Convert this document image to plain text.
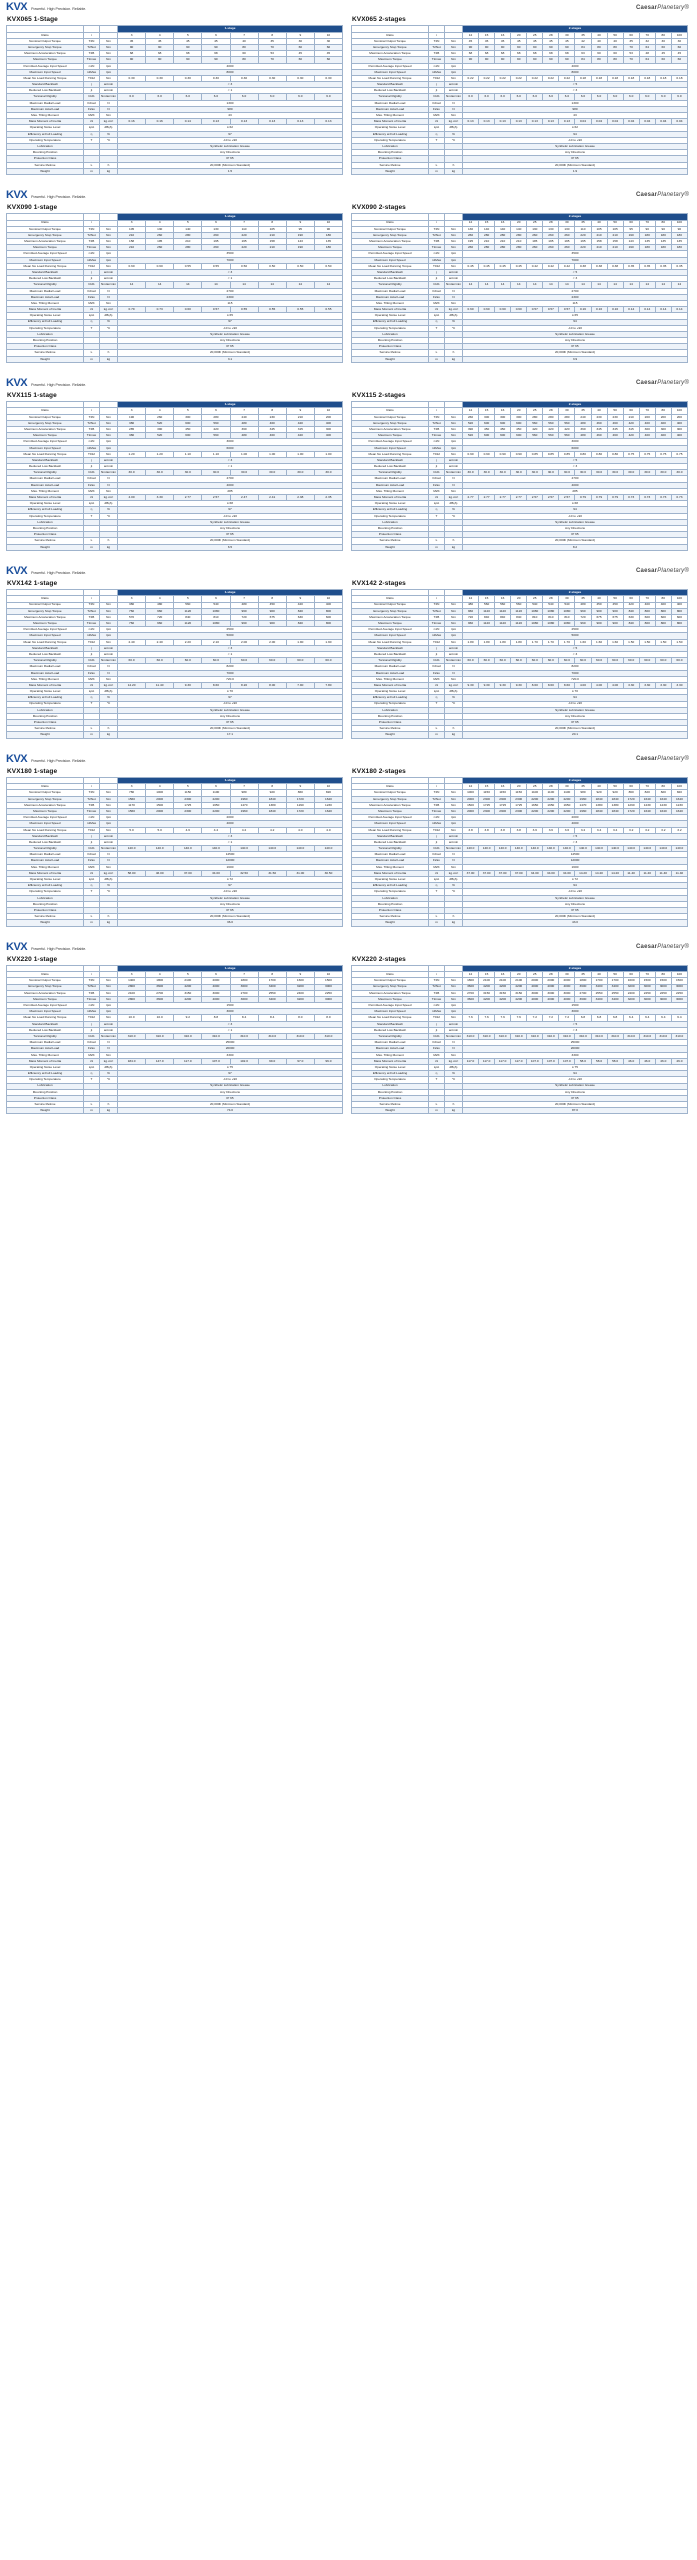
KVX Powerful. High Precision. Reliable.	CaesarPlanetary®
KVX065 1-Stage
			1-stage							
Ratio	i		3	4	5	6	7	8	9	10
Nominal Output Torque	T2N	Nm	45	45	45	45	40	35	30	30
Emergency Stop Torque	T2Not	Nm	90	90	90	90	80	70	60	60
Maximum Acceleration Torque	T2B	Nm	68	68	68	68	60	53	45	45
Maximum Torque	T2max	Nm	90	90	90	90	80	70	60	60
Permitted Average Input Speed	n1N	rpm	4000							
Maximum Input Speed	n1Max	rpm	8000							
Mean No Load Running Torque	T012	Nm	0.30	0.30	0.30	0.30	0.30	0.30	0.30	0.30
Standard Backlash	j	arcmin	< 3							
Reduced Low Backlash	jt	arcmin	< 1							
Torsional Rigidity	Ct21	Nm/arcmin	6.0	6.0	6.0	6.0	6.0	6.0	6.0	6.0
Maximum Radial Load	F2rad	N	1300							
Maximum Axial Load	F2ax	N	980							
Max. Tilting Moment	M2K	Nm	43							
Mass Moment of Inertia	J1	kg·cm²	0.16	0.16	0.14	0.13	0.13	0.13	0.13	0.13
Operating Noise Level	LpA	dB(A)	≤ 62							
Efficiency at Full Loading	η	%	97							
Operating Temperature	T	°C	-10 to +90							
Lubrication			Synthetic Lubrication Grease							
Mounting Position			Any Directions							
Protection Class			IP 65							
Service lifetime	L	h	20,000h (Minimum Standard)							
Weight	m	kg	1.5							
KVX065 2-stages
			2-stages													
Ratio	i		12	15	16	20	25	28	30	35	40	50	60	70	80	100
Nominal Output Torque	T2N	Nm	45	45	45	45	45	45	45	42	40	40	35	32	30	30
Emergency Stop Torque	T2Not	Nm	90	90	90	90	90	90	90	84	80	80	70	64	60	60
Maximum Acceleration Torque	T2B	Nm	68	68	68	68	68	68	68	63	60	60	53	48	45	45
Maximum Torque	T2max	Nm	90	90	90	90	90	90	90	84	80	80	70	64	60	60
Permitted Average Input Speed	n1N	rpm	4000													
Maximum Input Speed	n1Max	rpm	8000													
Mean No Load Running Torque	T012	Nm	0.22	0.22	0.22	0.22	0.22	0.22	0.22	0.18	0.18	0.18	0.18	0.18	0.18	0.18
Standard Backlash	j	arcmin	< 5													
Reduced Low Backlash	jt	arcmin	< 3													
Torsional Rigidity	Ct21	Nm/arcmin	6.0	6.0	6.0	6.0	6.0	6.0	6.0	6.0	6.0	6.0	6.0	6.0	6.0	6.0
Maximum Radial Load	F2rad	N	1300													
Maximum Axial Load	F2ax	N	980													
Max. Tilting Moment	M2K	Nm	43													
Mass Moment of Inertia	J1	kg·cm²	0.13	0.13	0.13	0.13	0.13	0.13	0.13	0.04	0.04	0.04	0.04	0.04	0.04	0.04
Operating Noise Level	LpA	dB(A)	≤ 62													
Efficiency at Full Loading	η	%	94													
Operating Temperature	T	°C	-10 to +90													
Lubrication			Synthetic Lubrication Grease													
Mounting Position			Any Directions													
Protection Class			IP 65													
Service lifetime	L	h	20,000h (Minimum Standard)													
Weight	m	kg	1.9													
KVX Powerful. High Precision. Reliable.	CaesarPlanetary®
KVX090 1-stage
			1-stage							
Ratio	i		3	4	5	6	7	8	9	10
Nominal Output Torque	T2N	Nm	105	130	140	130	110	105	95	90
Emergency Stop Torque	T2Not	Nm	210	260	280	260	220	210	190	180
Maximum Acceleration Torque	T2B	Nm	158	195	210	195	165	158	143	135
Maximum Torque	T2max	Nm	210	260	280	260	220	210	190	180
Permitted Average Input Speed	n1N	rpm	3500							
Maximum Input Speed	n1Max	rpm	7000							
Mean No Load Running Torque	T012	Nm	0.60	0.60	0.55	0.55	0.50	0.50	0.50	0.50
Standard Backlash	j	arcmin	< 3							
Reduced Low Backlash	jt	arcmin	< 1							
Torsional Rigidity	Ct21	Nm/arcmin	14	14	14	14	14	14	14	14
Maximum Radial Load	F2rad	N	2700							
Maximum Axial Load	F2ax	N	2300							
Max. Tilting Moment	M2K	Nm	115							
Mass Moment of Inertia	J1	kg·cm²	0.79	0.73	0.60	0.57	0.55	0.55	0.55	0.55
Operating Noise Level	LpA	dB(A)	≤ 65							
Efficiency at Full Loading	η	%	97							
Operating Temperature	T	°C	-10 to +90							
Lubrication			Synthetic Lubrication Grease							
Mounting Position			Any Directions							
Protection Class			IP 65							
Service lifetime	L	h	20,000h (Minimum Standard)							
Weight	m	kg	3.1							
KVX090 2-stages
			2-stages													
Ratio	i		12	15	16	20	25	28	30	35	40	50	60	70	80	100
Nominal Output Torque	T2N	Nm	130	140	140	140	130	130	130	110	105	105	95	90	90	90
Emergency Stop Torque	T2Not	Nm	260	280	280	280	260	260	260	220	210	210	190	180	180	180
Maximum Acceleration Torque	T2B	Nm	195	210	210	210	195	195	195	165	158	158	143	135	135	135
Maximum Torque	T2max	Nm	260	280	280	280	260	260	260	220	210	210	190	180	180	180
Permitted Average Input Speed	n1N	rpm	3500													
Maximum Input Speed	n1Max	rpm	7000													
Mean No Load Running Torque	T012	Nm	0.45	0.45	0.45	0.45	0.42	0.42	0.42	0.38	0.38	0.38	0.35	0.35	0.35	0.35
Standard Backlash	j	arcmin	< 5													
Reduced Low Backlash	jt	arcmin	< 3													
Torsional Rigidity	Ct21	Nm/arcmin	14	14	14	14	14	14	14	14	14	14	14	14	14	14
Maximum Radial Load	F2rad	N	2700													
Maximum Axial Load	F2ax	N	2300													
Max. Tilting Moment	M2K	Nm	115													
Mass Moment of Inertia	J1	kg·cm²	0.60	0.60	0.60	0.60	0.57	0.57	0.57	0.16	0.16	0.16	0.14	0.14	0.14	0.14
Operating Noise Level	LpA	dB(A)	≤ 65													
Efficiency at Full Loading	η	%	94													
Operating Temperature	T	°C	-10 to +90													
Lubrication			Synthetic Lubrication Grease													
Mounting Position			Any Directions													
Protection Class			IP 65													
Service lifetime	L	h	20,000h (Minimum Standard)													
Weight	m	kg	3.9													
KVX Powerful. High Precision. Reliable.	CaesarPlanetary®
KVX115 1-stage
			1-stage							
Ratio	i		3	4	5	6	7	8	9	10
Nominal Output Torque	T2N	Nm	190	260	300	280	240	230	210	200
Emergency Stop Torque	T2Not	Nm	380	520	600	560	480	460	420	400
Maximum Acceleration Torque	T2B	Nm	285	390	450	420	360	345	315	300
Maximum Torque	T2max	Nm	380	520	600	560	480	460	420	400
Permitted Average Input Speed	n1N	rpm	3000							
Maximum Input Speed	n1Max	rpm	6000							
Mean No Load Running Torque	T012	Nm	1.20	1.20	1.10	1.10	1.00	1.00	1.00	1.00
Standard Backlash	j	arcmin	< 3							
Reduced Low Backlash	jt	arcmin	< 1							
Torsional Rigidity	Ct21	Nm/arcmin	30.0	30.0	30.0	30.0	30.0	30.0	30.0	30.0
Maximum Radial Load	F2rad	N	4700							
Maximum Axial Load	F2ax	N	4000							
Max. Tilting Moment	M2K	Nm	285							
Mass Moment of Inertia	J1	kg·cm²	4.00	3.30	2.77	2.57	2.47	2.41	2.38	2.35
Operating Noise Level	LpA	dB(A)	≤ 68							
Efficiency at Full Loading	η	%	97							
Operating Temperature	T	°C	-10 to +90							
Lubrication			Synthetic Lubrication Grease							
Mounting Position			Any Directions							
Protection Class			IP 65							
Service lifetime	L	h	20,000h (Minimum Standard)							
Weight	m	kg	6.5							
KVX115 2-stages
			2-stages													
Ratio	i		12	15	16	20	25	28	30	35	40	50	60	70	80	100
Nominal Output Torque	T2N	Nm	260	300	300	300	280	280	280	240	230	230	210	200	200	200
Emergency Stop Torque	T2Not	Nm	520	600	600	600	560	560	560	480	460	460	420	400	400	400
Maximum Acceleration Torque	T2B	Nm	390	450	450	450	420	420	420	360	345	345	315	300	300	300
Maximum Torque	T2max	Nm	520	600	600	600	560	560	560	480	460	460	420	400	400	400
Permitted Average Input Speed	n1N	rpm	3000													
Maximum Input Speed	n1Max	rpm	6000													
Mean No Load Running Torque	T012	Nm	0.90	0.90	0.90	0.90	0.85	0.85	0.85	0.80	0.80	0.80	0.75	0.75	0.75	0.75
Standard Backlash	j	arcmin	< 5													
Reduced Low Backlash	jt	arcmin	< 3													
Torsional Rigidity	Ct21	Nm/arcmin	30.0	30.0	30.0	30.0	30.0	30.0	30.0	30.0	30.0	30.0	30.0	30.0	30.0	30.0
Maximum Radial Load	F2rad	N	4700													
Maximum Axial Load	F2ax	N	4000													
Max. Tilting Moment	M2K	Nm	285													
Mass Moment of Inertia	J1	kg·cm²	2.77	2.77	2.77	2.77	2.57	2.57	2.57	0.79	0.79	0.79	0.73	0.73	0.73	0.73
Operating Noise Level	LpA	dB(A)	≤ 68													
Efficiency at Full Loading	η	%	94													
Operating Temperature	T	°C	-10 to +90													
Lubrication			Synthetic Lubrication Grease													
Mounting Position			Any Directions													
Protection Class			IP 65													
Service lifetime	L	h	20,000h (Minimum Standard)													
Weight	m	kg	8.2													
KVX Powerful. High Precision. Reliable.	CaesarPlanetary®
KVX142 1-stage
			1-stage							
Ratio	i		3	4	5	6	7	8	9	10
Nominal Output Torque	T2N	Nm	380	480	560	540	480	450	420	400
Emergency Stop Torque	T2Not	Nm	760	960	1120	1080	960	900	840	800
Maximum Acceleration Torque	T2B	Nm	570	720	840	810	720	675	630	600
Maximum Torque	T2max	Nm	760	960	1120	1080	960	900	840	800
Permitted Average Input Speed	n1N	rpm	2500							
Maximum Input Speed	n1Max	rpm	5000							
Mean No Load Running Torque	T012	Nm	2.40	2.40	2.20	2.10	2.00	2.00	1.90	1.90
Standard Backlash	j	arcmin	< 3							
Reduced Low Backlash	jt	arcmin	< 1							
Torsional Rigidity	Ct21	Nm/arcmin	60.0	60.0	60.0	60.0	60.0	60.0	60.0	60.0
Maximum Radial Load	F2rad	N	8200							
Maximum Axial Load	F2ax	N	7000							
Max. Tilting Moment	M2K	Nm	720.0							
Mass Moment of Inertia	J1	kg·cm²	14.20	11.40	9.30	8.60	8.20	8.00	7.90	7.80
Operating Noise Level	LpA	dB(A)	≤ 70							
Efficiency at Full Loading	η	%	97							
Operating Temperature	T	°C	-10 to +90							
Lubrication			Synthetic Lubrication Grease							
Mounting Position			Any Directions							
Protection Class			IP 65							
Service lifetime	L	h	20,000h (Minimum Standard)							
Weight	m	kg	17.1							
KVX142 2-stages
			2-stages													
Ratio	i		12	15	16	20	25	28	30	35	40	50	60	70	80	100
Nominal Output Torque	T2N	Nm	480	560	560	560	540	540	540	480	450	450	420	400	400	400
Emergency Stop Torque	T2Not	Nm	960	1120	1120	1120	1080	1080	1080	960	900	900	840	800	800	800
Maximum Acceleration Torque	T2B	Nm	720	840	840	840	810	810	810	720	675	675	630	600	600	600
Maximum Torque	T2max	Nm	960	1120	1120	1120	1080	1080	1080	960	900	900	840	800	800	800
Permitted Average Input Speed	n1N	rpm	2500													
Maximum Input Speed	n1Max	rpm	5000													
Mean No Load Running Torque	T012	Nm	1.80	1.80	1.80	1.80	1.70	1.70	1.70	1.60	1.60	1.60	1.50	1.50	1.50	1.50
Standard Backlash	j	arcmin	< 5													
Reduced Low Backlash	jt	arcmin	< 3													
Torsional Rigidity	Ct21	Nm/arcmin	60.0	60.0	60.0	60.0	60.0	60.0	60.0	60.0	60.0	60.0	60.0	60.0	60.0	60.0
Maximum Radial Load	F2rad	N	8200													
Maximum Axial Load	F2ax	N	7000													
Max. Tilting Moment	M2K	Nm	720.0													
Mass Moment of Inertia	J1	kg·cm²	9.30	9.30	9.30	9.30	8.60	8.60	8.60	4.00	4.00	4.00	3.30	3.30	3.30	3.30
Operating Noise Level	LpA	dB(A)	≤ 70													
Efficiency at Full Loading	η	%	94													
Operating Temperature	T	°C	-10 to +90													
Lubrication			Synthetic Lubrication Grease													
Mounting Position			Any Directions													
Protection Class			IP 65													
Service lifetime	L	h	20,000h (Minimum Standard)													
Weight	m	kg	20.1													
KVX Powerful. High Precision. Reliable.	CaesarPlanetary®
KVX180 1-stage
			1-stage							
Ratio	i		3	4	5	6	7	8	9	10
Nominal Output Torque	T2N	Nm	780	1000	1150	1100	980	920	860	820
Emergency Stop Torque	T2Not	Nm	1560	2000	2300	2200	1960	1840	1720	1640
Maximum Acceleration Torque	T2B	Nm	1170	1500	1725	1650	1470	1380	1290	1230
Maximum Torque	T2max	Nm	1560	2000	2300	2200	1960	1840	1720	1640
Permitted Average Input Speed	n1N	rpm	2000							
Maximum Input Speed	n1Max	rpm	4000							
Mean No Load Running Torque	T012	Nm	5.0	5.0	4.6	4.4	4.2	4.2	4.0	4.0
Standard Backlash	j	arcmin	< 3							
Reduced Low Backlash	jt	arcmin	< 1							
Torsional Rigidity	Ct21	Nm/arcmin	140.0	140.0	140.0	140.0	140.0	140.0	140.0	140.0
Maximum Radial Load	F2rad	N	14500							
Maximum Axial Load	F2ax	N	12000							
Max. Tilting Moment	M2K	Nm	1600							
Mass Moment of Inertia	J1	kg·cm²	58.00	46.00	37.00	34.00	32.50	31.50	31.00	30.50
Operating Noise Level	LpA	dB(A)	≤ 72							
Efficiency at Full Loading	η	%	97							
Operating Temperature	T	°C	-10 to +90							
Lubrication			Synthetic Lubrication Grease							
Mounting Position			Any Directions							
Protection Class			IP 65							
Service lifetime	L	h	20,000h (Minimum Standard)							
Weight	m	kg	36.0							
KVX180 2-stages
			2-stages													
Ratio	i		12	15	16	20	25	28	30	35	40	50	60	70	80	100
Nominal Output Torque	T2N	Nm	1000	1150	1150	1150	1100	1100	1100	980	920	920	860	820	820	820
Emergency Stop Torque	T2Not	Nm	2000	2300	2300	2300	2200	2200	2200	1960	1840	1840	1720	1640	1640	1640
Maximum Acceleration Torque	T2B	Nm	1500	1725	1725	1725	1650	1650	1650	1470	1380	1380	1290	1230	1230	1230
Maximum Torque	T2max	Nm	2000	2300	2300	2300	2200	2200	2200	1960	1840	1840	1720	1640	1640	1640
Permitted Average Input Speed	n1N	rpm	2000													
Maximum Input Speed	n1Max	rpm	4000													
Mean No Load Running Torque	T012	Nm	3.8	3.8	3.8	3.8	3.6	3.6	3.6	3.4	3.4	3.4	3.2	3.2	3.2	3.2
Standard Backlash	j	arcmin	< 5													
Reduced Low Backlash	jt	arcmin	< 3													
Torsional Rigidity	Ct21	Nm/arcmin	140.0	140.0	140.0	140.0	140.0	140.0	140.0	140.0	140.0	140.0	140.0	140.0	140.0	140.0
Maximum Radial Load	F2rad	N	14500													
Maximum Axial Load	F2ax	N	12000													
Max. Tilting Moment	M2K	Nm	1600													
Mass Moment of Inertia	J1	kg·cm²	37.00	37.00	37.00	37.00	34.00	34.00	34.00	14.20	14.20	14.20	11.40	11.40	11.40	11.40
Operating Noise Level	LpA	dB(A)	≤ 72													
Efficiency at Full Loading	η	%	94													
Operating Temperature	T	°C	-10 to +90													
Lubrication			Synthetic Lubrication Grease													
Mounting Position			Any Directions													
Protection Class			IP 65													
Service lifetime	L	h	20,000h (Minimum Standard)													
Weight	m	kg	43.0													
KVX Powerful. High Precision. Reliable.	CaesarPlanetary®
KVX220 1-stage
			1-stage							
Ratio	i		3	4	5	6	7	8	9	10
Nominal Output Torque	T2N	Nm	1400	1800	2100	2000	1800	1700	1600	1500
Emergency Stop Torque	T2Not	Nm	2800	3600	4200	4000	3600	3400	3200	3000
Maximum Acceleration Torque	T2B	Nm	2100	2700	3150	3000	2700	2550	2400	2250
Maximum Torque	T2max	Nm	2800	3600	4200	4000	3600	3400	3200	3000
Permitted Average Input Speed	n1N	rpm	1500							
Maximum Input Speed	n1Max	rpm	3000							
Mean No Load Running Torque	T012	Nm	10.0	10.0	9.2	8.8	8.4	8.4	8.0	8.0
Standard Backlash	j	arcmin	< 3							
Reduced Low Backlash	jt	arcmin	< 1							
Torsional Rigidity	Ct21	Nm/arcmin	310.0	310.0	310.0	310.0	310.0	310.0	310.0	310.0
Maximum Radial Load	F2rad	N	25000							
Maximum Axial Load	F2ax	N	20000							
Max. Tilting Moment	M2K	Nm	3300							
Mass Moment of Inertia	J1	kg·cm²	184.0	147.0	117.0	107.0	102.0	99.0	97.0	96.0
Operating Noise Level	LpA	dB(A)	≤ 75							
Efficiency at Full Loading	η	%	97							
Operating Temperature	T	°C	-10 to +90							
Lubrication			Synthetic Lubrication Grease							
Mounting Position			Any Directions							
Protection Class			IP 65							
Service lifetime	L	h	20,000h (Minimum Standard)							
Weight	m	kg	74.0							
KVX220 2-stages
			2-stages													
Ratio	i		12	15	16	20	25	28	30	35	40	50	60	70	80	100
Nominal Output Torque	T2N	Nm	1800	2100	2100	2100	2000	2000	2000	1800	1700	1700	1600	1500	1500	1500
Emergency Stop Torque	T2Not	Nm	3600	4200	4200	4200	4000	4000	4000	3600	3400	3400	3200	3000	3000	3000
Maximum Acceleration Torque	T2B	Nm	2700	3150	3150	3150	3000	3000	3000	2700	2550	2550	2400	2250	2250	2250
Maximum Torque	T2max	Nm	3600	4200	4200	4200	4000	4000	4000	3600	3400	3400	3200	3000	3000	3000
Permitted Average Input Speed	n1N	rpm	1500													
Maximum Input Speed	n1Max	rpm	3000													
Mean No Load Running Torque	T012	Nm	7.6	7.6	7.6	7.6	7.2	7.2	7.2	6.8	6.8	6.8	6.4	6.4	6.4	6.4
Standard Backlash	j	arcmin	< 5													
Reduced Low Backlash	jt	arcmin	< 3													
Torsional Rigidity	Ct21	Nm/arcmin	310.0	310.0	310.0	310.0	310.0	310.0	310.0	310.0	310.0	310.0	310.0	310.0	310.0	310.0
Maximum Radial Load	F2rad	N	25000													
Maximum Axial Load	F2ax	N	20000													
Max. Tilting Moment	M2K	Nm	3300													
Mass Moment of Inertia	J1	kg·cm²	117.0	117.0	117.0	117.0	107.0	107.0	107.0	58.0	58.0	58.0	46.0	46.0	46.0	46.0
Operating Noise Level	LpA	dB(A)	≤ 75													
Efficiency at Full Loading	η	%	94													
Operating Temperature	T	°C	-10 to +90													
Lubrication			Synthetic Lubrication Grease													
Mounting Position			Any Directions													
Protection Class			IP 65													
Service lifetime	L	h	20,000h (Minimum Standard)													
Weight	m	kg	87.0													
